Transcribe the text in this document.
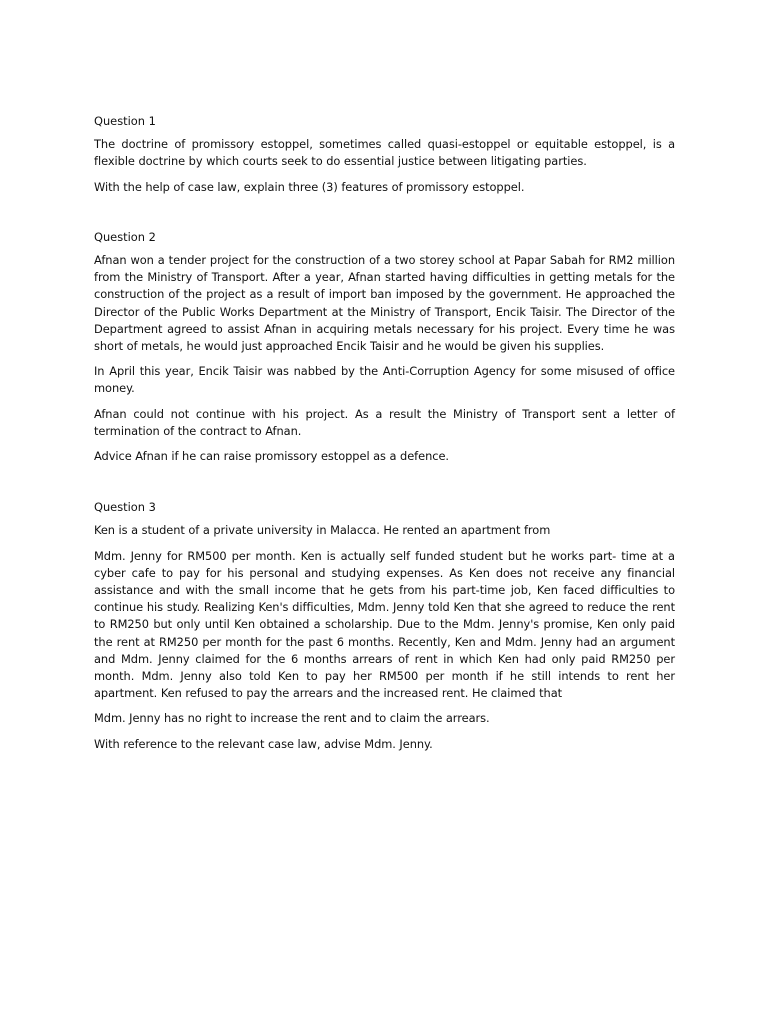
Question 1

The doctrine of promissory estoppel, sometimes called quasi-estoppel or equitable estoppel, is a flexible doctrine by which courts seek to do essential justice between litigating parties.

With the help of case law, explain three (3) features of promissory estoppel.

Question 2

Afnan won a tender project for the construction of a two storey school at Papar Sabah for RM2 million from the Ministry of Transport. After a year, Afnan started having difficulties in getting metals for the construction of the project as a result of import ban imposed by the government. He approached the Director of the Public Works Department at the Ministry of Transport, Encik Taisir. The Director of the Department agreed to assist Afnan in acquiring metals necessary for his project. Every time he was short of metals, he would just approached Encik Taisir and he would be given his supplies.

In April this year, Encik Taisir was nabbed by the Anti-Corruption Agency for some misused of office money.

Afnan could not continue with his project. As a result the Ministry of Transport sent a letter of termination of the contract to Afnan.

Advice Afnan if he can raise promissory estoppel as a defence.

Question 3

Ken is a student of a private university in Malacca. He rented an apartment from

Mdm. Jenny for RM500 per month. Ken is actually self funded student but he works part- time at a cyber cafe to pay for his personal and studying expenses. As Ken does not receive any financial assistance and with the small income that he gets from his part-time job, Ken faced difficulties to continue his study. Realizing Ken's difficulties, Mdm. Jenny told Ken that she agreed to reduce the rent to RM250 but only until Ken obtained a scholarship. Due to the Mdm. Jenny's promise, Ken only paid the rent at RM250 per month for the past 6 months. Recently, Ken and Mdm. Jenny had an argument and Mdm. Jenny claimed for the 6 months arrears of rent in which Ken had only paid RM250 per month. Mdm. Jenny also told Ken to pay her RM500 per month if he still intends to rent her apartment. Ken refused to pay the arrears and the increased rent. He claimed that

Mdm. Jenny has no right to increase the rent and to claim the arrears.

With reference to the relevant case law, advise Mdm. Jenny.
